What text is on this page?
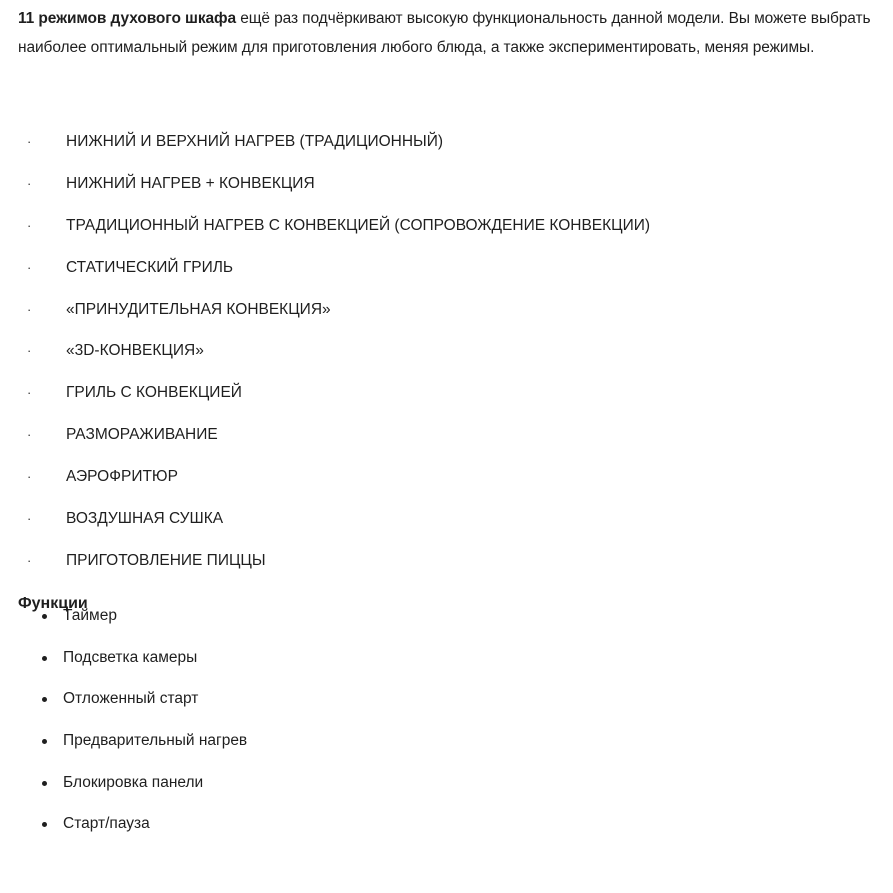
11 режимов духового шкафа ещё раз подчёркивают высокую функциональность данной модели. Вы можете выбрать наиболее оптимальный режим для приготовления любого блюда, а также экспериментировать, меняя режимы.

· НИЖНИЙ И ВЕРХНИЙ НАГРЕВ (ТРАДИЦИОННЫЙ)
· НИЖНИЙ НАГРЕВ + КОНВЕКЦИЯ
· ТРАДИЦИОННЫЙ НАГРЕВ С КОНВЕКЦИЕЙ (СОПРОВОЖДЕНИЕ КОНВЕКЦИИ)
· СТАТИЧЕСКИЙ ГРИЛЬ
· «ПРИНУДИТЕЛЬНАЯ КОНВЕКЦИЯ»
· «3D-КОНВЕКЦИЯ»
· ГРИЛЬ С КОНВЕКЦИЕЙ
· РАЗМОРАЖИВАНИЕ
· АЭРОФРИТЮР
· ВОЗДУШНАЯ СУШКА
· ПРИГОТОВЛЕНИЕ ПИЦЦЫ
Функции
Таймер
Подсветка камеры
Отложенный старт
Предварительный нагрев
Блокировка панели
Старт/пауза
